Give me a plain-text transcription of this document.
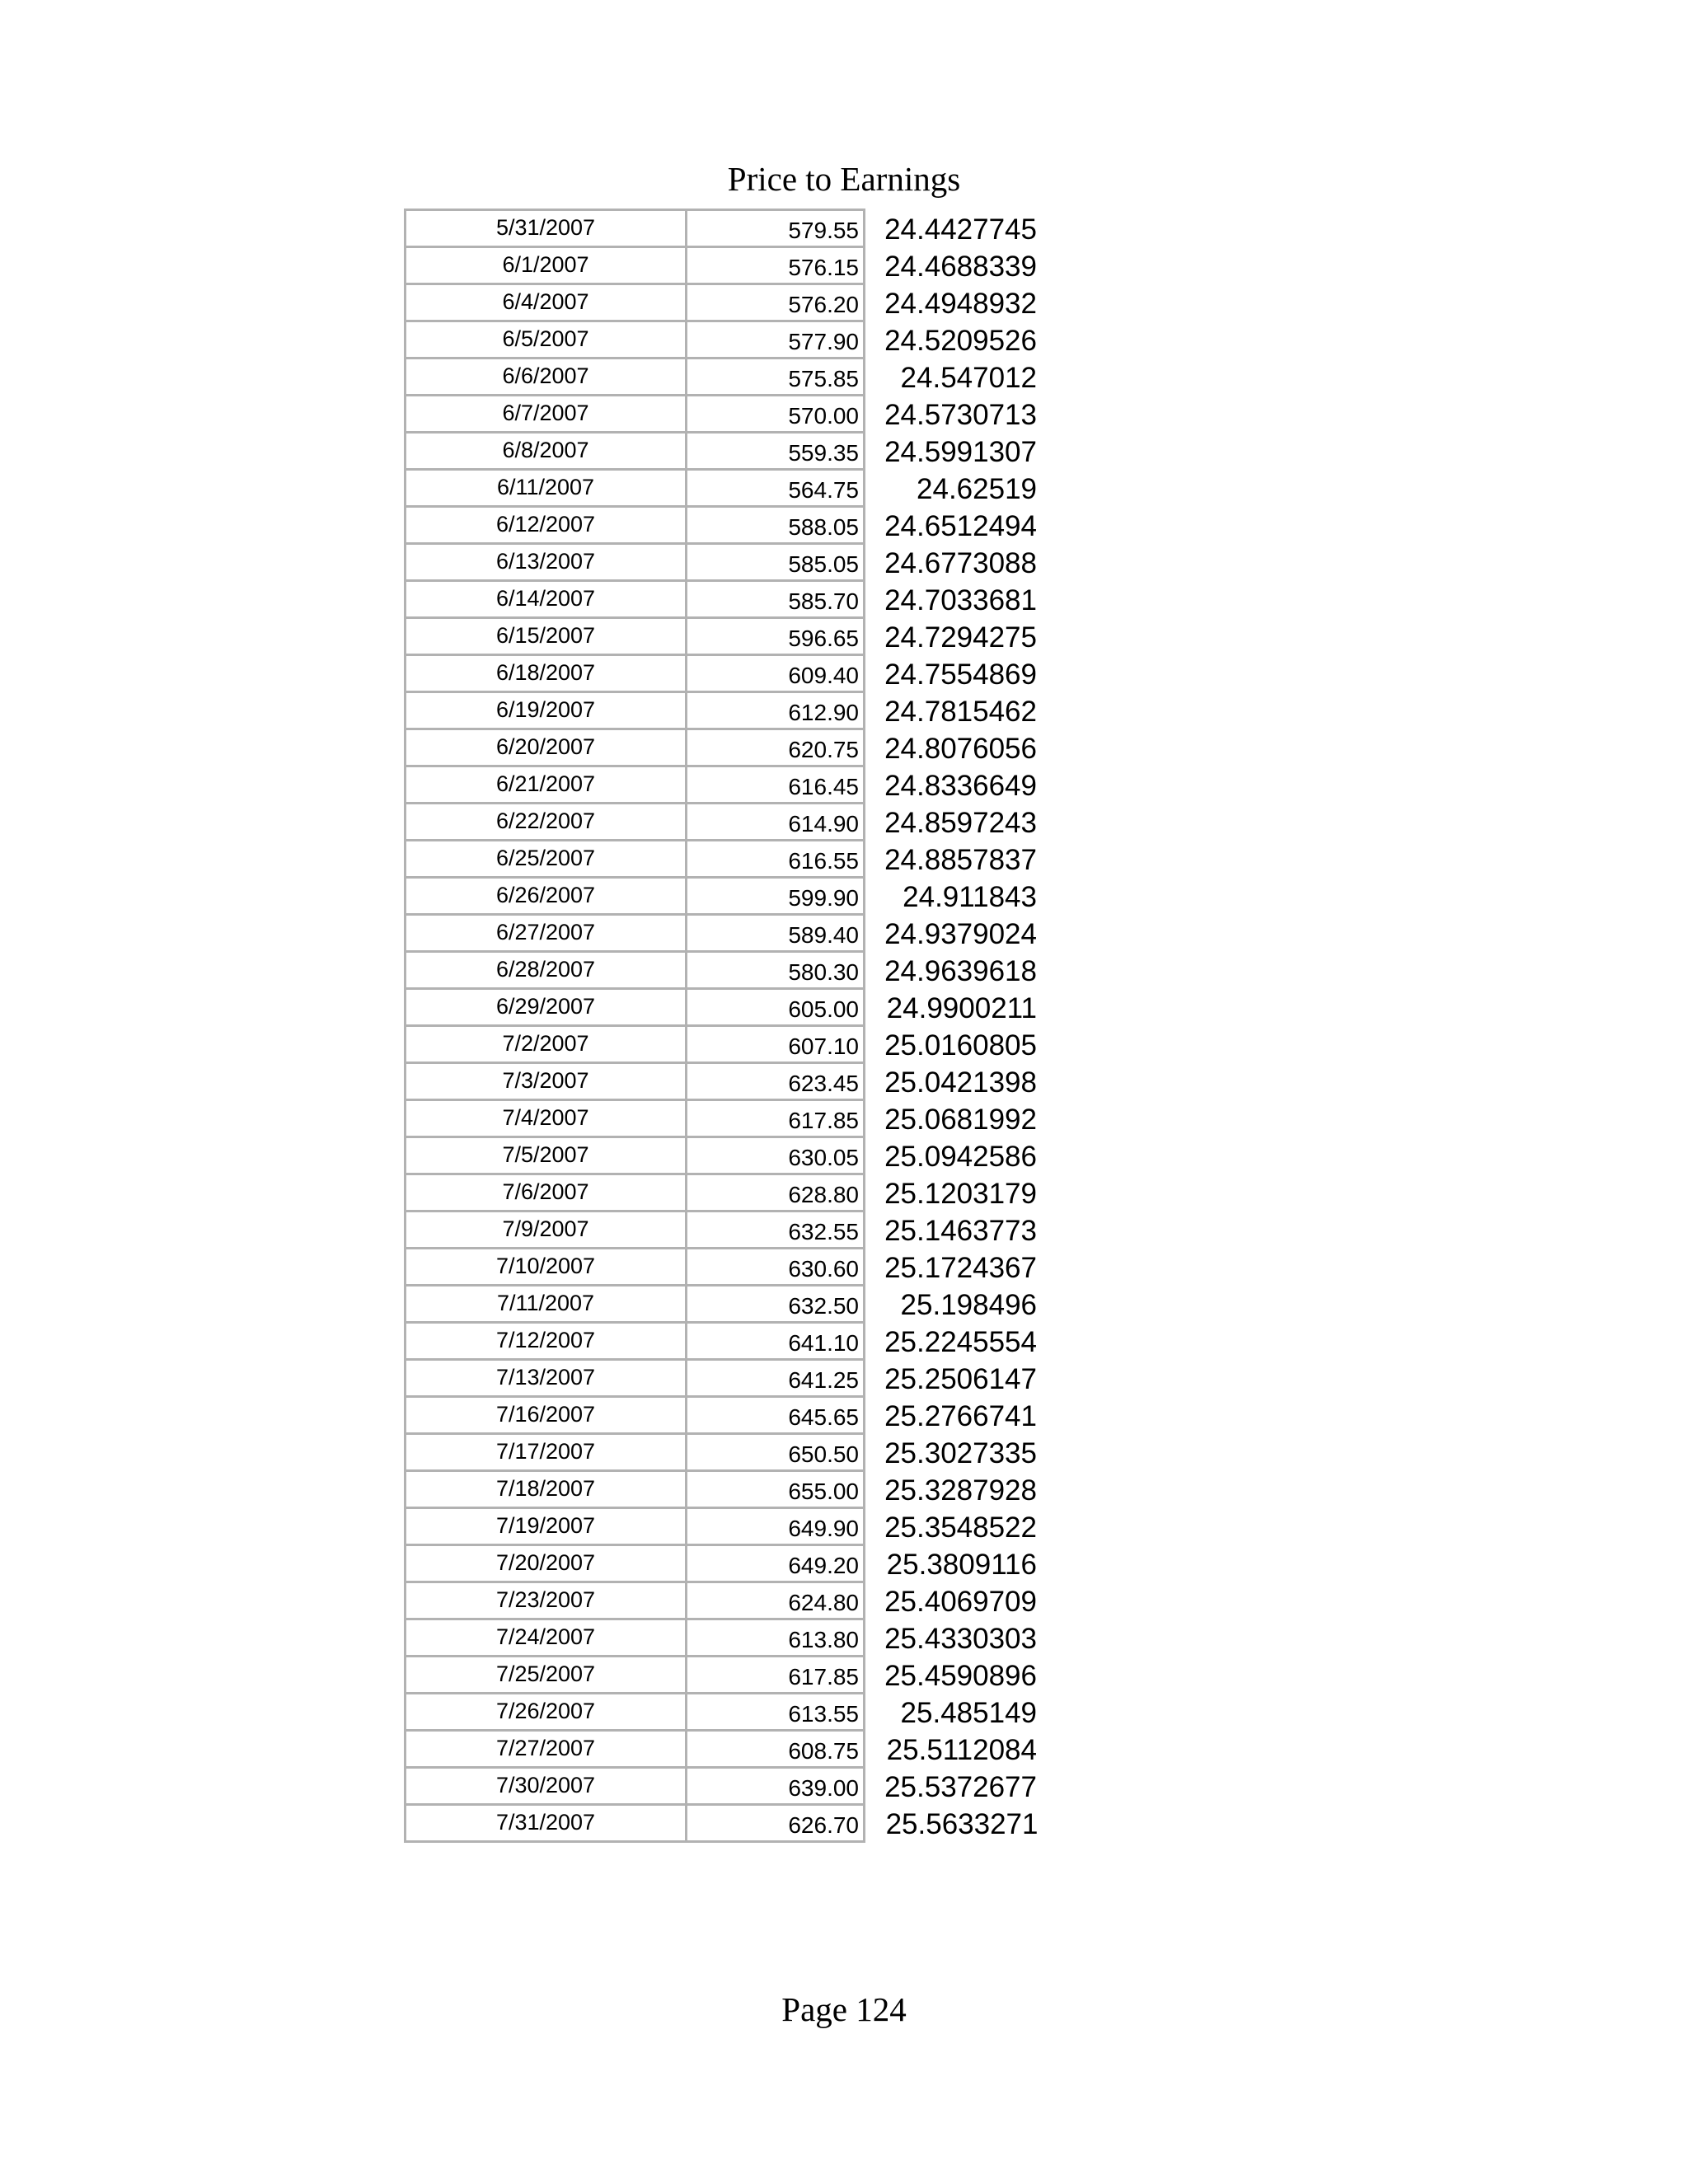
Price to Earnings
5/31/2007	579.55	24.4427745
6/1/2007	576.15	24.4688339
6/4/2007	576.20	24.4948932
6/5/2007	577.90	24.5209526
6/6/2007	575.85	24.547012
6/7/2007	570.00	24.5730713
6/8/2007	559.35	24.5991307
6/11/2007	564.75	24.62519
6/12/2007	588.05	24.6512494
6/13/2007	585.05	24.6773088
6/14/2007	585.70	24.7033681
6/15/2007	596.65	24.7294275
6/18/2007	609.40	24.7554869
6/19/2007	612.90	24.7815462
6/20/2007	620.75	24.8076056
6/21/2007	616.45	24.8336649
6/22/2007	614.90	24.8597243
6/25/2007	616.55	24.8857837
6/26/2007	599.90	24.911843
6/27/2007	589.40	24.9379024
6/28/2007	580.30	24.9639618
6/29/2007	605.00	24.9900211
7/2/2007	607.10	25.0160805
7/3/2007	623.45	25.0421398
7/4/2007	617.85	25.0681992
7/5/2007	630.05	25.0942586
7/6/2007	628.80	25.1203179
7/9/2007	632.55	25.1463773
7/10/2007	630.60	25.1724367
7/11/2007	632.50	25.198496
7/12/2007	641.10	25.2245554
7/13/2007	641.25	25.2506147
7/16/2007	645.65	25.2766741
7/17/2007	650.50	25.3027335
7/18/2007	655.00	25.3287928
7/19/2007	649.90	25.3548522
7/20/2007	649.20	25.3809116
7/23/2007	624.80	25.4069709
7/24/2007	613.80	25.4330303
7/25/2007	617.85	25.4590896
7/26/2007	613.55	25.485149
7/27/2007	608.75	25.5112084
7/30/2007	639.00	25.5372677
7/31/2007	626.70	25.5633271
Page 124
